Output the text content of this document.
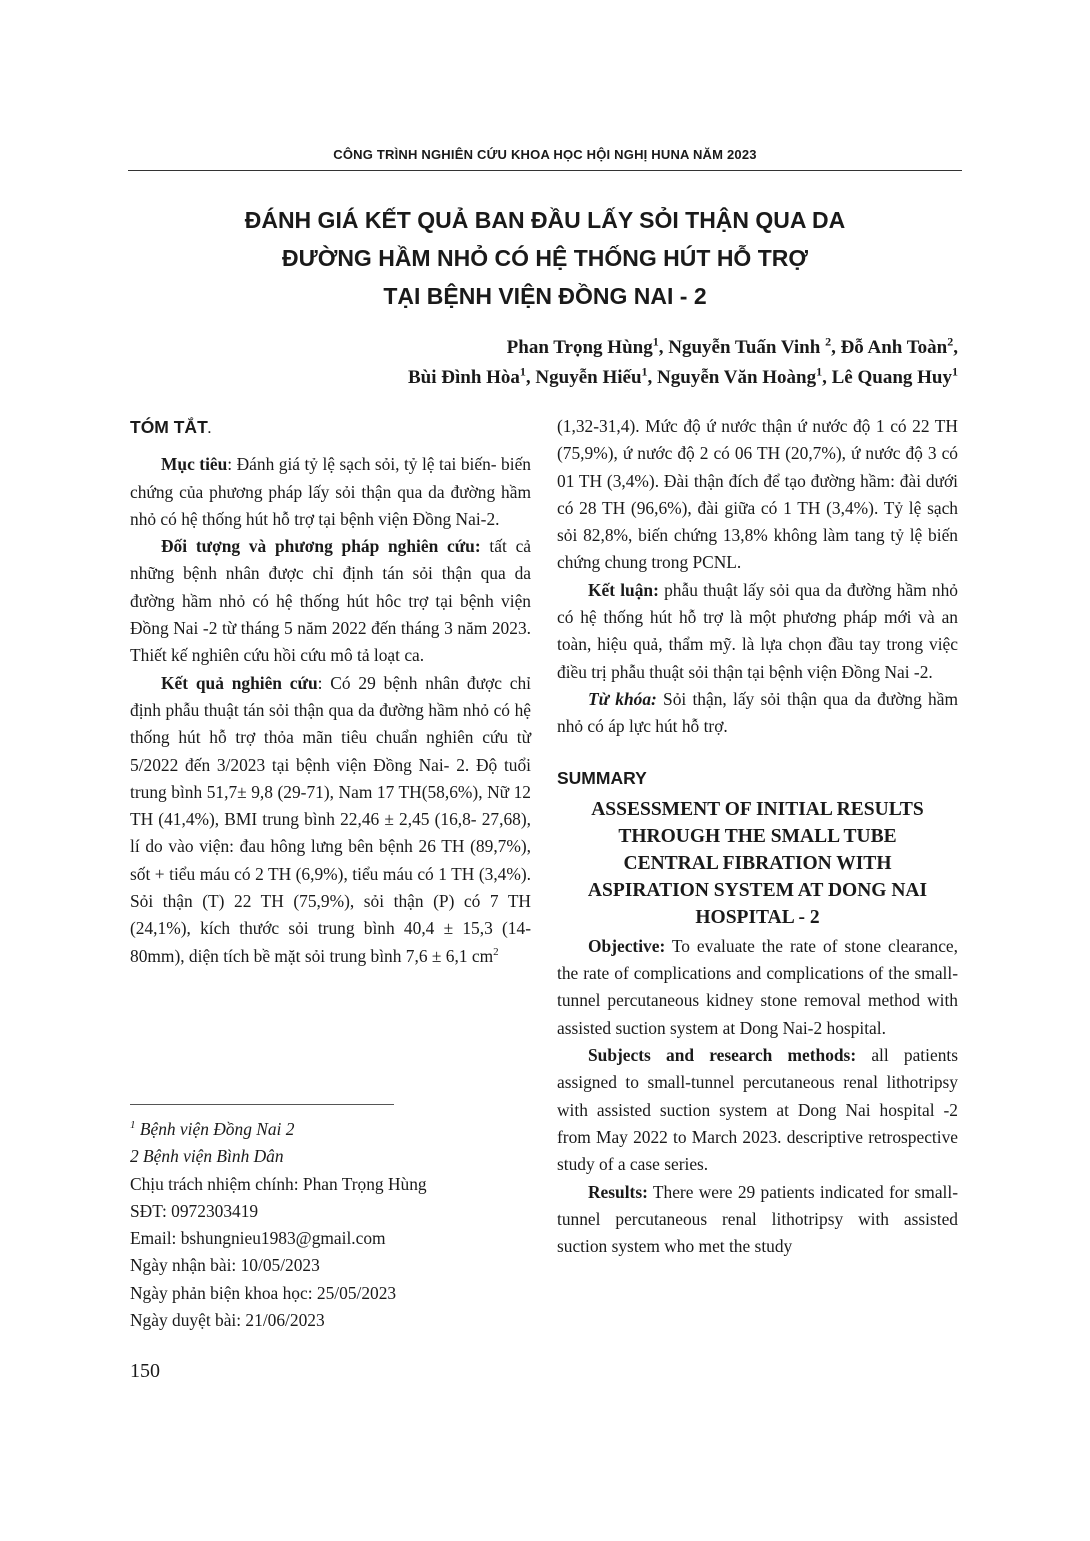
CÔNG TRÌNH NGHIÊN CỨU KHOA HỌC HỘI NGHỊ HUNA NĂM 2023
ĐÁNH GIÁ KẾT QUẢ BAN ĐẦU LẤY SỎI THẬN QUA DA
ĐƯỜNG HẦM NHỎ CÓ HỆ THỐNG HÚT HỖ TRỢ
TẠI BỆNH VIỆN ĐỒNG NAI - 2
Phan Trọng Hùng$^1$, Nguyễn Tuấn Vinh $^2$, Đỗ Anh Toàn$^2$,
Bùi Đình Hòa$^1$, Nguyễn Hiếu$^1$, Nguyễn Văn Hoàng$^1$, Lê Quang Huy$^1$
TÓM TẮT.

Mục tiêu: Đánh giá tỷ lệ sạch sỏi, tỷ lệ tai biến- biến chứng của phương pháp lấy sỏi thận qua da đường hầm nhỏ có hệ thống hút hỗ trợ tại bệnh viện Đồng Nai-2.

Đối tượng và phương pháp nghiên cứu: tất cả những bệnh nhân được chỉ định tán sỏi thận qua da đường hầm nhỏ có hệ thống hút hôc trợ tại bệnh viện Đồng Nai -2 từ tháng 5 năm 2022 đến tháng 3 năm 2023. Thiết kế nghiên cứu hồi cứu mô tả loạt ca.

Kết quả nghiên cứu: Có 29 bệnh nhân được chỉ định phẫu thuật tán sỏi thận qua da đường hầm nhỏ có hệ thống hút hỗ trợ thỏa mãn tiêu chuẩn nghiên cứu từ 5/2022 đến 3/2023 tại bệnh viện Đồng Nai- 2. Độ tuổi trung bình 51,7± 9,8 (29-71), Nam 17 TH(58,6%), Nữ 12 TH (41,4%), BMI trung bình 22,46 ± 2,45 (16,8- 27,68), lí do vào viện: đau hông lưng bên bệnh 26 TH (89,7%), sốt + tiểu máu có 2 TH (6,9%), tiểu máu có 1 TH (3,4%). Sỏi thận (T) 22 TH (75,9%), sỏi thận (P) có 7 TH (24,1%), kích thước sỏi trung bình 40,4 ± 15,3 (14-80mm), diện tích bề mặt sỏi trung bình 7,6 ± 6,1 $cm^2$

$^1$ Bệnh viện Đồng Nai 2
2 Bệnh viện Bình Dân
Chịu trách nhiệm chính: Phan Trọng Hùng
SĐT: 0972303419
Email: bshungnieu1983@gmail.com
Ngày nhận bài: 10/05/2023
Ngày phản biện khoa học: 25/05/2023
Ngày duyệt bài: 21/06/2023

(1,32-31,4). Mức độ ứ nước thận ứ nước độ 1 có 22 TH (75,9%), ứ nước độ 2 có 06 TH (20,7%), ứ nước độ 3 có 01 TH (3,4%). Đài thận đích để tạo đường hầm: đài dưới có 28 TH (96,6%), đài giữa có 1 TH (3,4%). Tỷ lệ sạch sỏi 82,8%, biến chứng 13,8% không làm tang tỷ lệ biến chứng chung trong PCNL.

Kết luận: phẫu thuật lấy sỏi qua da đường hầm nhỏ có hệ thống hút hỗ trợ là một phương pháp mới và an toàn, hiệu quả, thẩm mỹ. là lựa chọn đầu tay trong việc điều trị phẫu thuật sỏi thận tại bệnh viện Đồng Nai -2.

Từ khóa: Sỏi thận, lấy sỏi thận qua da đường hầm nhỏ có áp lực hút hỗ trợ.

SUMMARY
ASSESSMENT OF INITIAL RESULTS
THROUGH THE SMALL TUBE
CENTRAL FIBRATION WITH
ASPIRATION SYSTEM AT DONG NAI
HOSPITAL - 2

Objective: To evaluate the rate of stone clearance, the rate of complications and complications of the small-tunnel percutaneous kidney stone removal method with assisted suction system at Dong Nai-2 hospital.

Subjects and research methods: all patients assigned to small-tunnel percutaneous renal lithotripsy with assisted suction system at Dong Nai hospital -2 from May 2022 to March 2023. descriptive retrospective study of a case series.

Results: There were 29 patients indicated for small-tunnel percutaneous renal lithotripsy with assisted suction system who met the study

150
